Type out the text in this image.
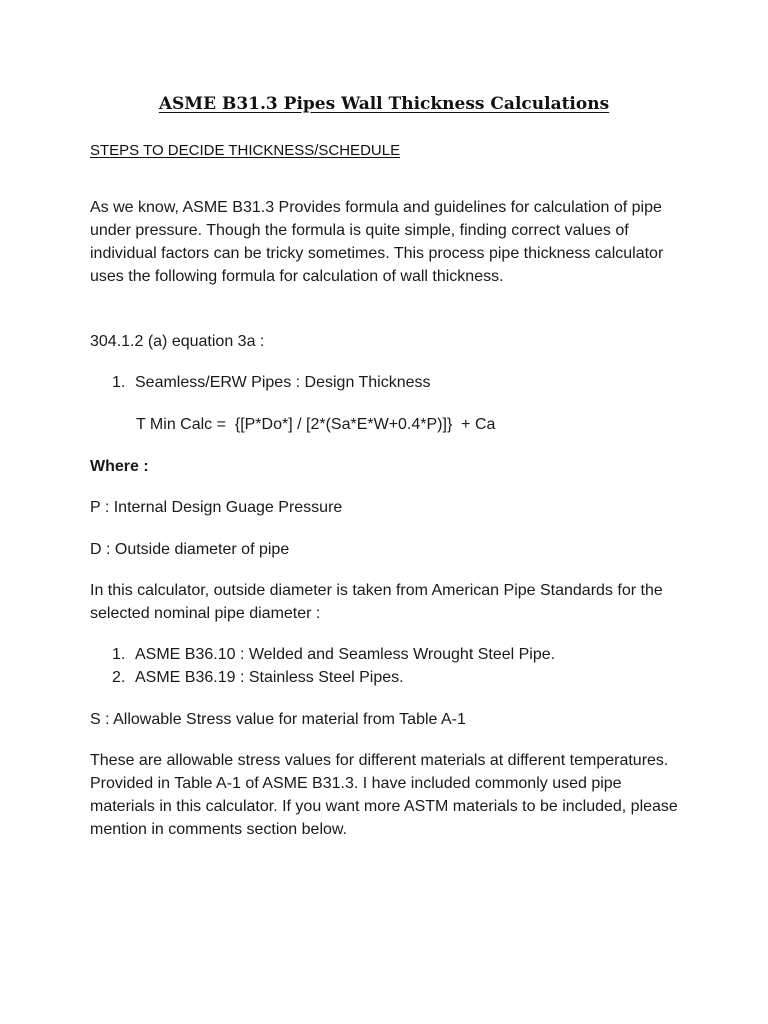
ASME B31.3 Pipes Wall Thickness Calculations
STEPS TO DECIDE THICKNESS/SCHEDULE
As we know, ASME B31.3 Provides formula and guidelines for calculation of pipe under pressure. Though the formula is quite simple, finding correct values of individual factors can be tricky sometimes. This process pipe thickness calculator uses the following formula for calculation of wall thickness.
304.1.2 (a) equation 3a :
1. Seamless/ERW Pipes : Design Thickness
T Min Calc =  {[P*Do*] / [2*(Sa*E*W+0.4*P)]}  + Ca
Where :
P : Internal Design Guage Pressure
D : Outside diameter of pipe
In this calculator, outside diameter is taken from American Pipe Standards for the selected nominal pipe diameter :
1. ASME B36.10 : Welded and Seamless Wrought Steel Pipe.
2. ASME B36.19 : Stainless Steel Pipes.
S : Allowable Stress value for material from Table A-1
These are allowable stress values for different materials at different temperatures. Provided in Table A-1 of ASME B31.3. I have included commonly used pipe materials in this calculator. If you want more ASTM materials to be included, please mention in comments section below.
